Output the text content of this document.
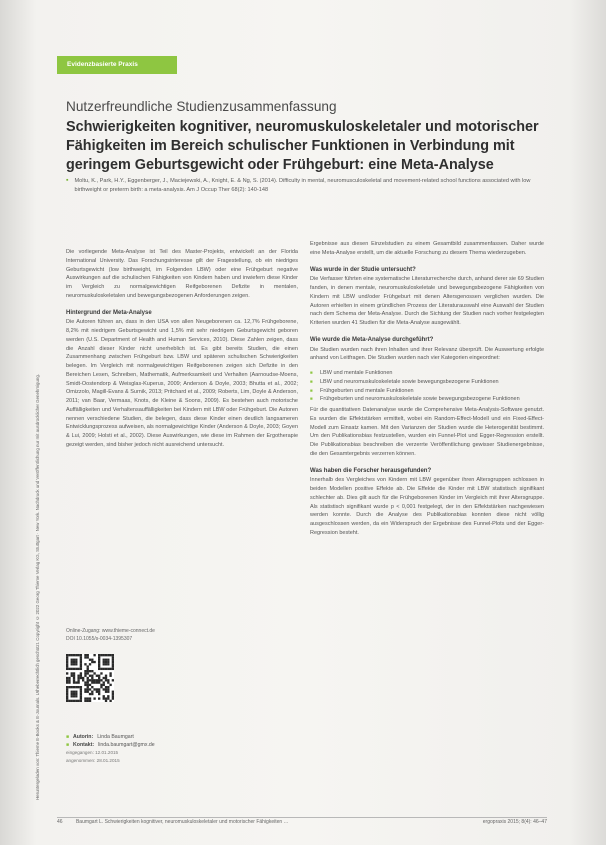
Heruntergeladen von: Thieme E-Books & E-Journals. Urheberrechtlich geschützt. Copyright © 2022 Georg Thieme Verlag KG, Stuttgart · New York. Nachdruck und Veröffentlichung nur mit ausdrücklicher Genehmigung.
Evidenzbasierte Praxis
Nutzerfreundliche Studienzusammenfassung
Schwierigkeiten kognitiver, neuromuskuloskeletaler und motorischer Fähigkeiten im Bereich schulischer Funktionen in Verbindung mit geringem Geburtsgewicht oder Frühgeburt: eine Meta-Analyse
▪ Moltu, K., Park, H.Y., Eggenberger, J., Maciejewski, A., Knight, E. & Ng, S. (2014). Difficulty in mental, neuromusculoskeletal and movement-related school functions associated with low birthweight or preterm birth: a meta-analysis. Am J Occup Ther 68(2): 140-148

Die vorliegende Meta-Analyse ist Teil des Master-Projekts, entwickelt an der Florida International University. Das Forschungsinteresse gilt der Fragestellung, ob ein niedriges Geburtsgewicht (low birthweight, im Folgenden LBW) oder eine Frühgeburt negative Auswirkungen auf die schulischen Fähigkeiten von Kindern haben und inwiefern diese Kinder im Vergleich zu normalgewichtigen Reifgeborenen Defizite in mentalen, neuromuskuloskeletalen und bewegungsbezogenen Anforderungen zeigen.

Hintergrund der Meta-Analyse

Die Autoren führen an, dass in den USA von allen Neugeborenen ca. 12,7% Frühgeborene, 8,2% mit niedrigem Geburtsgewicht und 1,5% mit sehr niedrigem Geburtsgewicht geboren werden (U.S. Department of Health and Human Services, 2010). Diese Zahlen zeigen, dass die Anzahl dieser Kinder nicht unerheblich ist. Es gibt bereits Studien, die einen Zusammenhang zwischen Frühgeburt bzw. LBW und späteren schulischen Schwierigkeiten belegen. Im Vergleich mit normalgewichtigen Reifgeborenen zeigen sich Defizite in den Bereichen Lesen, Schreiben, Mathematik, Aufmerksamkeit und Verhalten (Aarnoudse-Moens, Smidt-Oostendorp & Weisglas-Kuperus, 2009; Anderson & Doyle, 2003; Bhutta et al., 2002; Omizzolo, Magill-Evans & Surnik, 2013; Pritchard et al., 2009; Roberts, Lim, Doyle & Anderson, 2011; van Baar, Vermaas, Knots, de Kleine & Soons, 2009). Es bestehen auch motorische Auffälligkeiten und Verhaltensauffälligkeiten bei Kindern mit LBW oder Frühgeburt. Die Autoren nennen verschiedene Studien, die belegen, dass diese Kinder einen deutlich langsameren Entwicklungsprozess aufweisen, als normalgewichtige Kinder (Anderson & Doyle, 2003; Goyen & Lui, 2009; Holsti et al., 2002). Diese Auswirkungen, wie diese im Rahmen der Ergotherapie gezeigt werden, sind bisher jedoch nicht ausreichend untersucht.

Online-Zugang: www.thieme-connect.de
DOI 10.1055/s-0034-1395307
■ Autorin: Linda Baumgart
■ Kontakt: linda.baumgart@gmx.de
eingegangen: 12.01.2015
angenommen: 28.01.2015

Ergebnisse aus diesen Einzelstudien zu einem Gesamtbild zusammenfassen. Daher wurde eine Meta-Analyse erstellt, um die aktuelle Forschung zu diesem Thema wiederzugeben.

Was wurde in der Studie untersucht?

Die Verfasser führten eine systematische Literaturrecherche durch, anhand derer sie 69 Studien fanden, in denen mentale, neuromuskuloskeletale und bewegungsbezogene Fähigkeiten von Kindern mit LBW und/oder Frühgeburt mit denen Altersgenossen verglichen wurden. Die Autoren erhielten in einem gründlichen Prozess der Literaturauswahl eine Auswahl der Studien nach dem Schema der Meta-Analyse. Durch die Sichtung der Studien nach vorher festgelegten Kriterien wurden 41 Studien für die Meta-Analyse ausgewählt.

Wie wurde die Meta-Analyse durchgeführt?

Die Studien wurden nach ihren Inhalten und ihrer Relevanz überprüft. Die Auswertung erfolgte anhand von Leitfragen. Die Studien wurden nach vier Kategorien eingeordnet:

■ LBW und mentale Funktionen
■ LBW und neuromuskuloskeletale sowie bewegungsbezogene Funktionen
■ Frühgeburten und mentale Funktionen
■ Frühgeburten und neuromuskuloskeletale sowie bewegungsbezogene Funktionen

Für die quantitativen Datenanalyse wurde die Comprehensive Meta-Analysis-Software genutzt. Es wurden die Effektstärken ermittelt, wobei ein Random-Effect-Modell und ein Fixed-Effect-Modell zum Einsatz kamen. Mit den Varianzen der Studien wurde die Heterogenität bestimmt. Um den Publikationsbias festzustellen, wurden ein Funnel-Plot und Egger-Regression erstellt. Die Publikationsbias beschreiben die verzerrte Veröffentlichung gewisser Studienergebnisse, die den Gesamtergebnis verzerren können.

Was haben die Forscher herausgefunden?

Innerhalb des Vergleiches von Kindern mit LBW gegenüber ihren Altersgruppen schlossen in beiden Modellen positive Effekte ab. Die Effekte die Kinder mit LBW statistisch signifikant schlechter ab. Dies gilt auch für die Frühgeborenen Kinder im Vergleich mit ihrer Altersgruppe. Als statistisch signifikant wurde p < 0,001 festgelegt, der in den Effektstärken nachgewiesen werden konnte. Durch die Analyse des Publikationsbias konnten diese nicht völlig ausgeschlossen werden, da ein Widerspruch der Ergebnisse des Funnel-Plots und der Egger-Regression besteht.

46	Baumgart L. Schwierigkeiten kognitiver, neuromuskuloskeletaler und motorischer Fähigkeiten …	ergopraxis 2015; 8(4): 46–47
